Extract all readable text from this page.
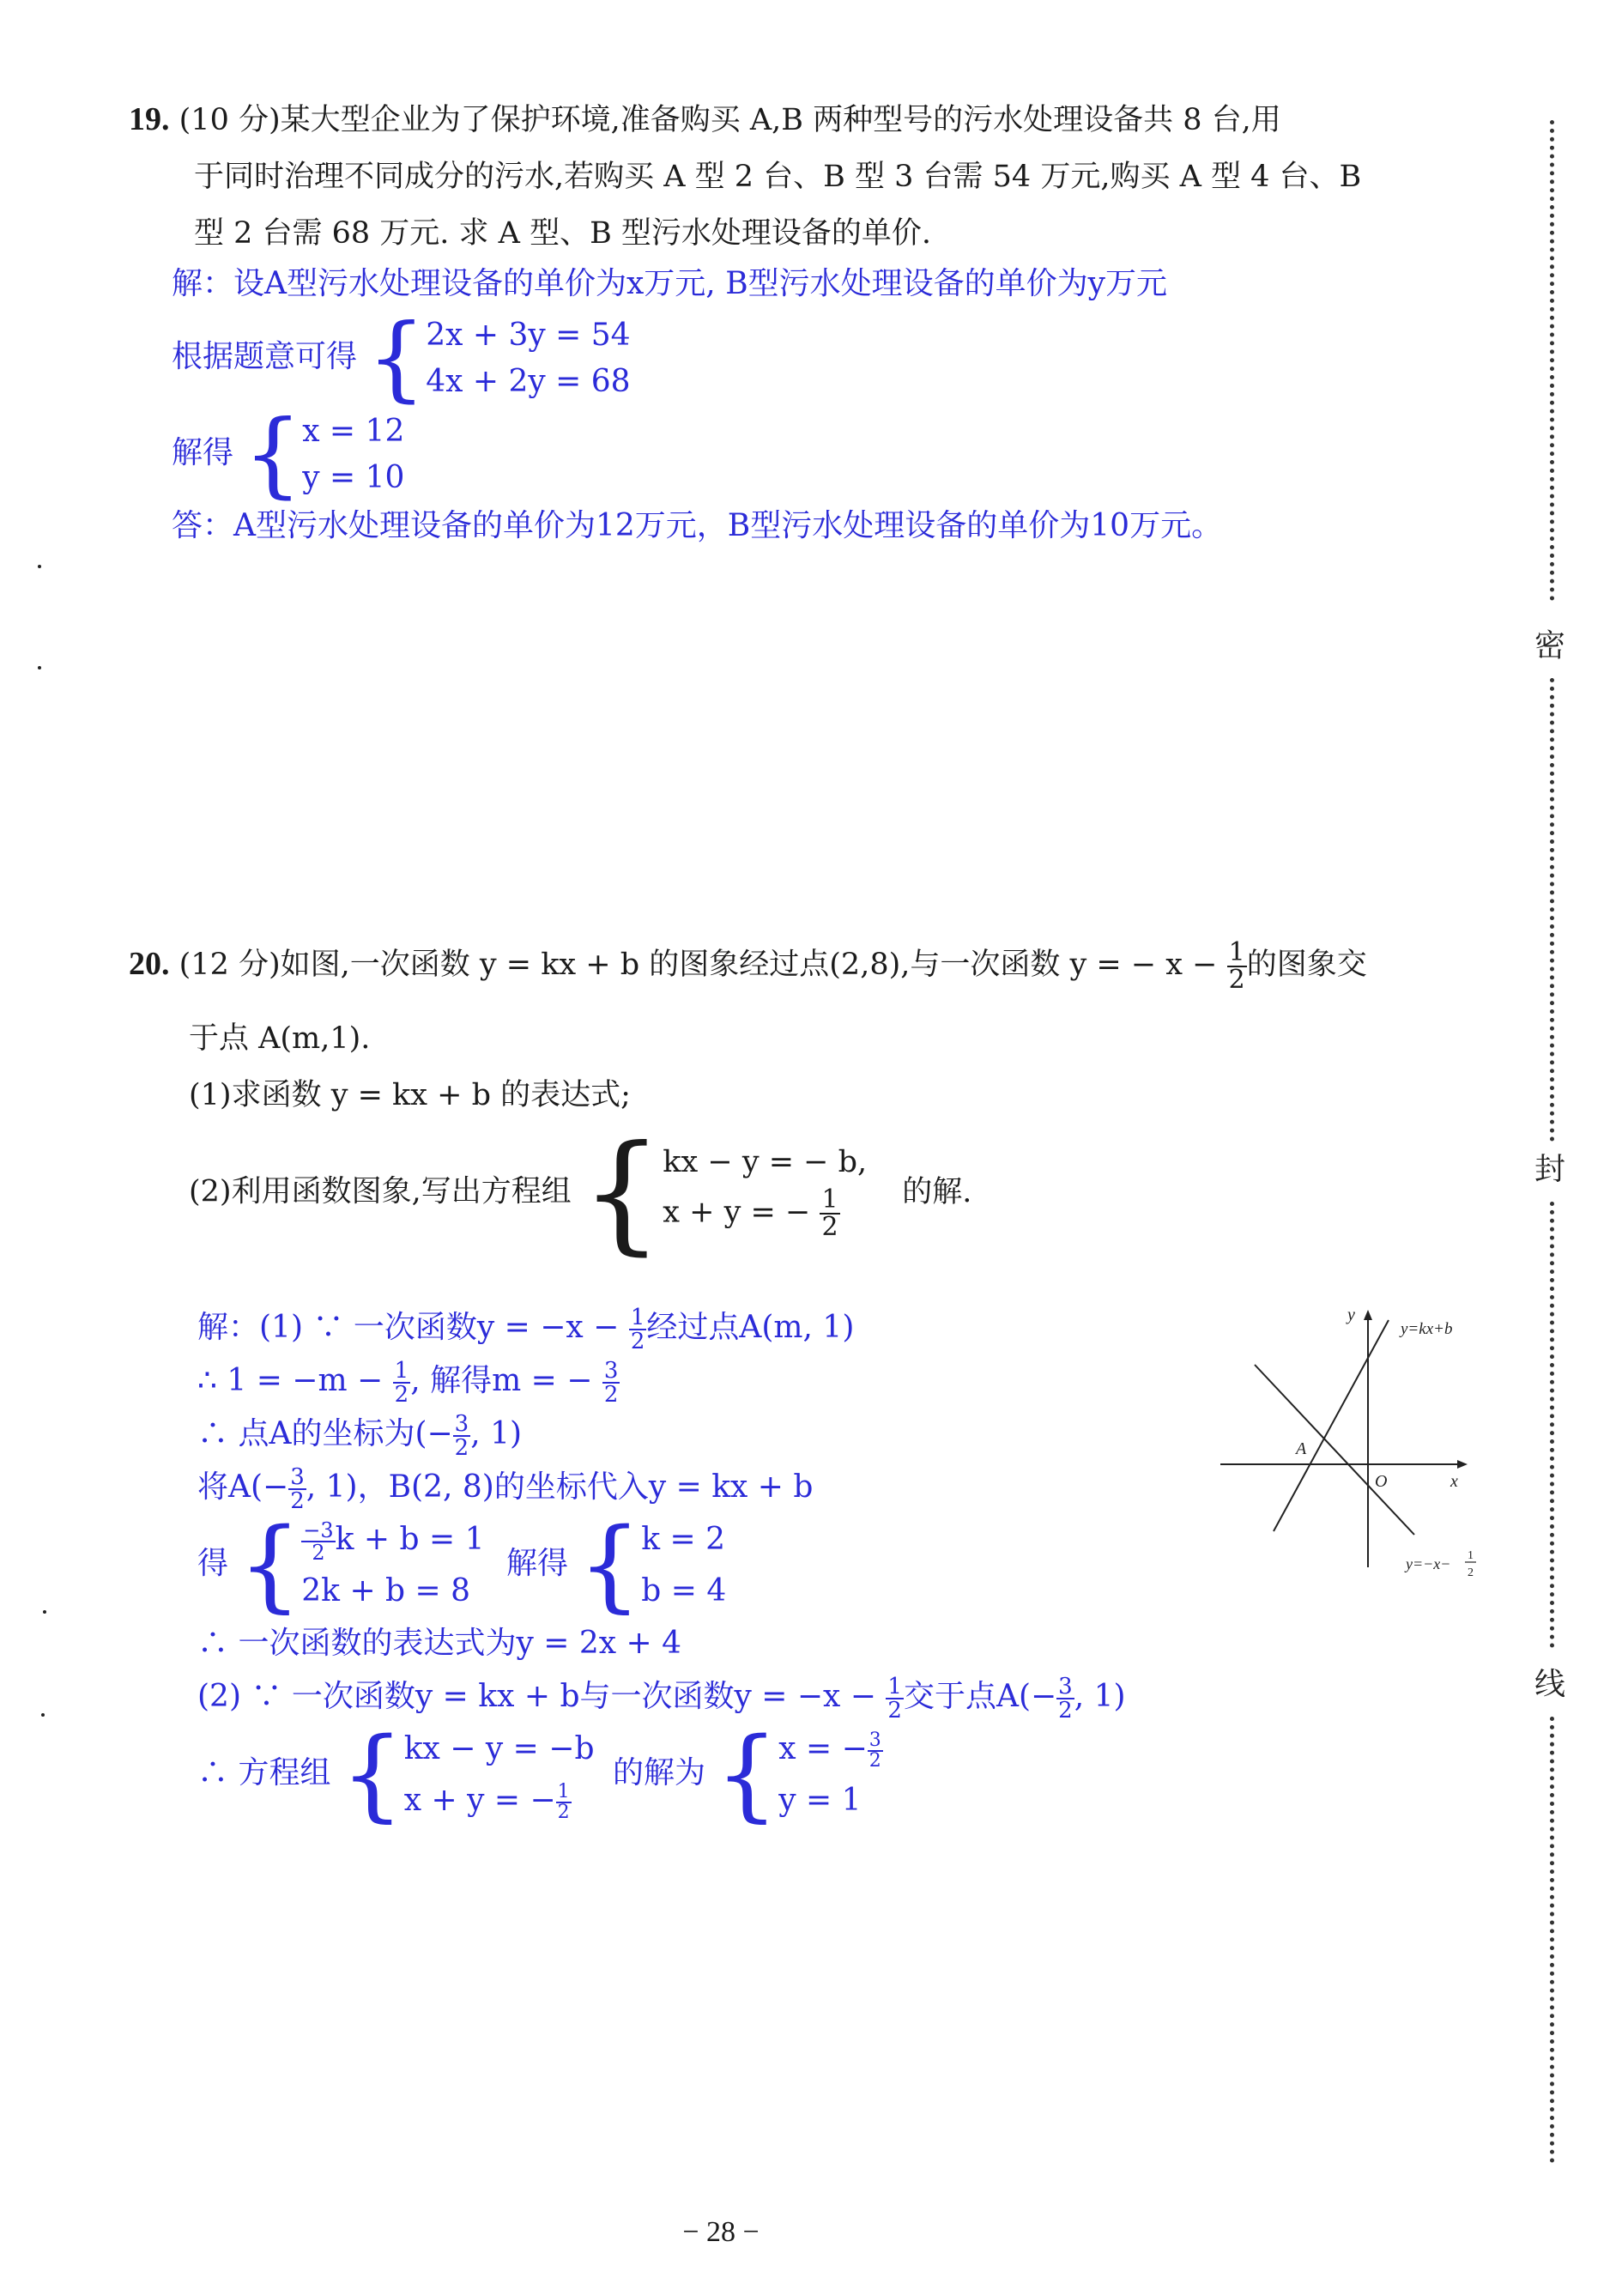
19. (10 分)某大型企业为了保护环境,准备购买 A,B 两种型号的污水处理设备共 8 台,用
于同时治理不同成分的污水,若购买 A 型 2 台、B 型 3 台需 54 万元,购买 A 型 4 台、B
型 2 台需 68 万元. 求 A 型、B 型污水处理设备的单价.
解：设A型污水处理设备的单价为x万元, B型污水处理设备的单价为y万元
根据题意可得 { 2x + 3y = 54
4x + 2y = 68
解得 { x = 12
y = 10
答：A型污水处理设备的单价为12万元，B型污水处理设备的单价为10万元。
20. (12 分)如图,一次函数 y = kx + b 的图象经过点(2,8),与一次函数 y = − $x - \frac{1}{2}$ 的图象交
于点 A(m,1).
(1)求函数 y = kx + b 的表达式;
(2)利用函数图象,写出方程组 { kx − y = − b,
x + y = − $\frac{1}{2}$ 的解.
解：(1) ∵ 一次函数$y = -x - \frac{1}{2}$ 经过点A(m, 1)
∴ $1 = -m - \frac{1}{2}$ , 解得m = − $\frac{3}{2}$
∴ 点A的坐标为(− $\frac{3}{2}$ , 1)
将$A(- \frac{3}{2}$ , 1)，B(2, 8)的坐标代入y = kx + b
得 { $\frac{-3}{2}$ k + b = 1
2k + b = 8
解得 { k = 2
b = 4
∴ 一次函数的表达式为y = 2x + 4
(2) ∵ 一次函数y = kx + b与一次函数$y = -x - \frac{1}{2}$ 交于点$A(- \frac{3}{2}$ , 1)
∴ 方程组 { kx − y = −b
x + y = − $\frac{1}{2}$
的解为 { x = − $\frac{3}{2}$
y = 1
y
x
O
A
y=kx+b
y=−x− 1
2
密
封
线
− 28 −
